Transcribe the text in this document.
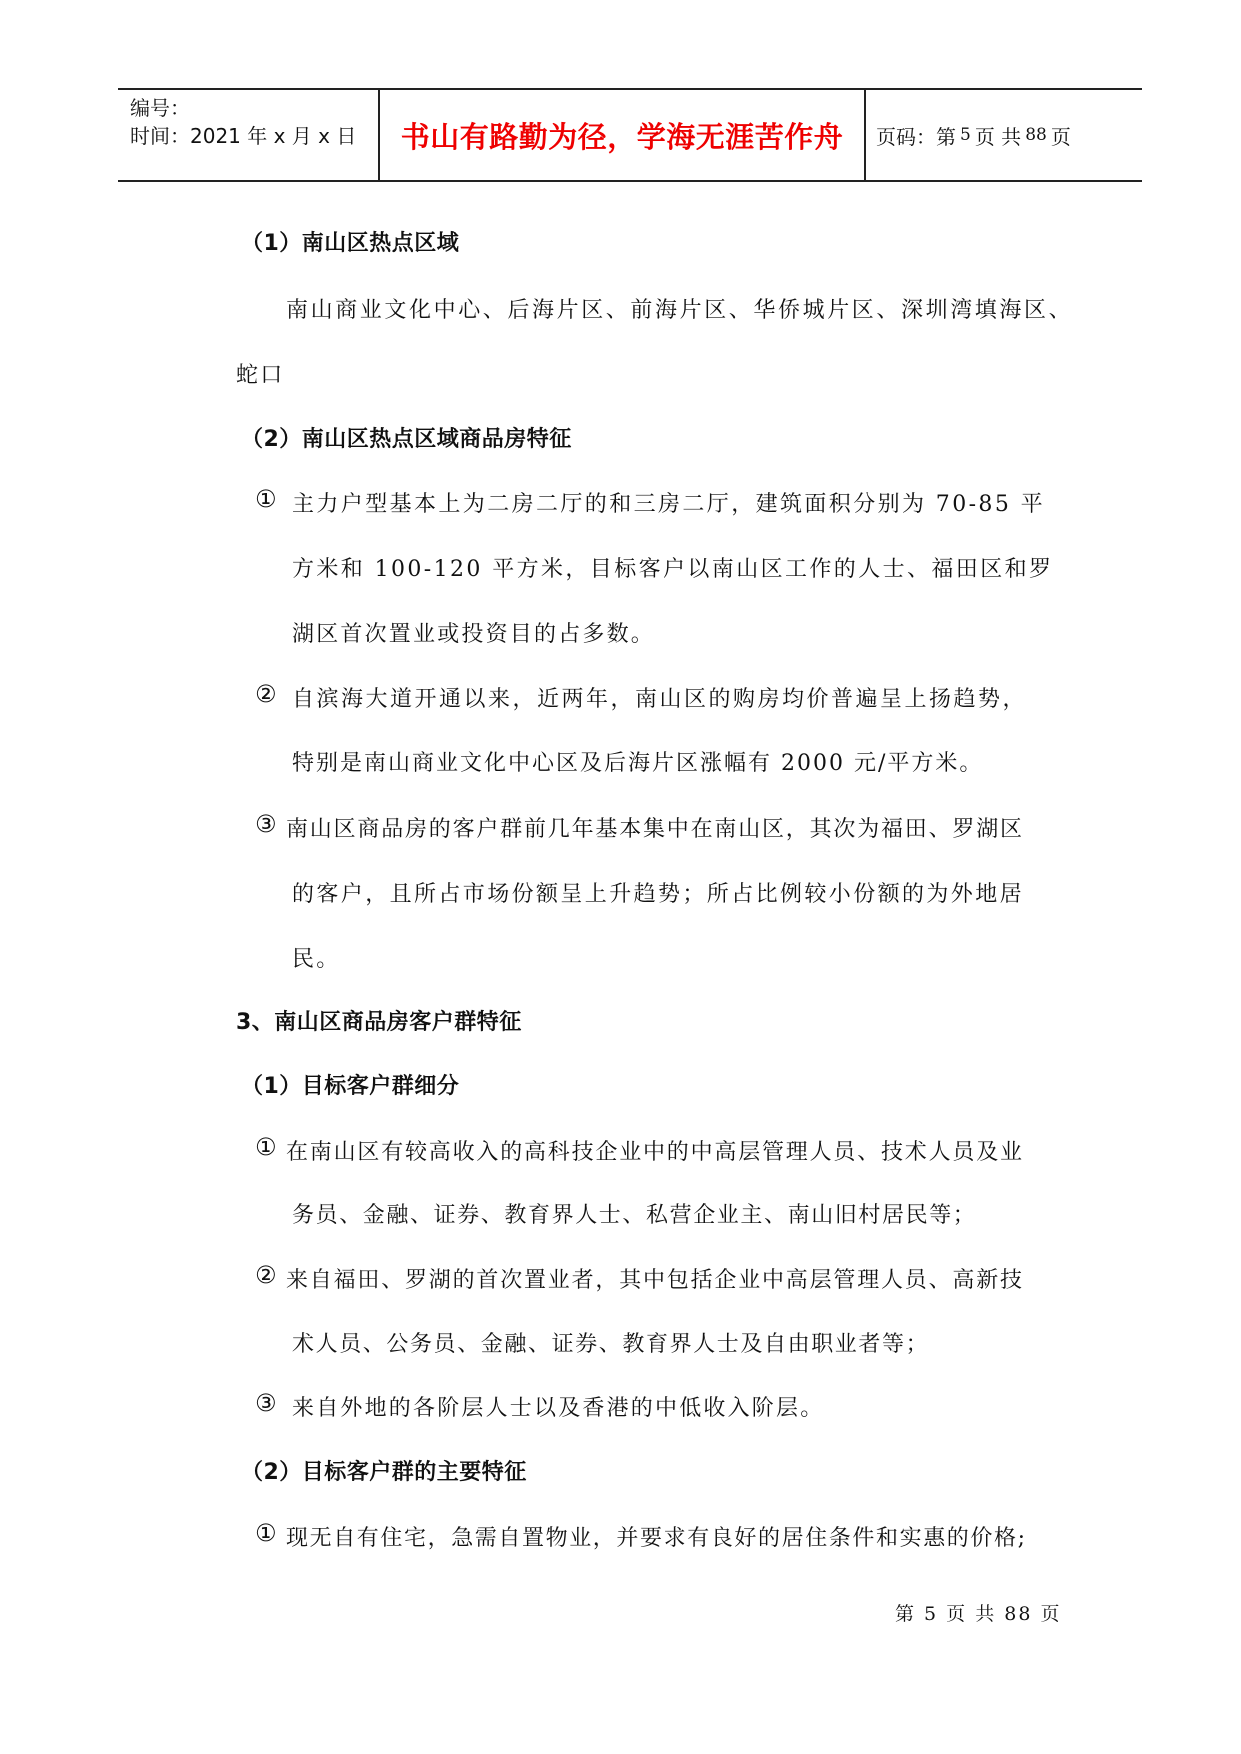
编号：
时间：2021 年 x 月 x 日	书山有路勤为径，学海无涯苦作舟	页码：第 5 页 共 88 页
（1）南山区热点区域
南山商业文化中心、后海片区、前海片区、华侨城片区、深圳湾填海区、
蛇口
（2）南山区热点区域商品房特征
① 主力户型基本上为二房二厅的和三房二厅，建筑面积分别为 70-85 平
方米和 100-120 平方米，目标客户以南山区工作的人士、福田区和罗
湖区首次置业或投资目的占多数。
② 自滨海大道开通以来，近两年，南山区的购房均价普遍呈上扬趋势，
特别是南山商业文化中心区及后海片区涨幅有 2000 元/平方米。
③ 南山区商品房的客户群前几年基本集中在南山区，其次为福田、罗湖区
的客户，且所占市场份额呈上升趋势；所占比例较小份额的为外地居
民。
3、南山区商品房客户群特征
（1）目标客户群细分
① 在南山区有较高收入的高科技企业中的中高层管理人员、技术人员及业
务员、金融、证券、教育界人士、私营企业主、南山旧村居民等；
② 来自福田、罗湖的首次置业者，其中包括企业中高层管理人员、高新技
术人员、公务员、金融、证券、教育界人士及自由职业者等；
③ 来自外地的各阶层人士以及香港的中低收入阶层。
（2）目标客户群的主要特征
① 现无自有住宅，急需自置物业，并要求有良好的居住条件和实惠的价格;
第 5 页 共 88 页
